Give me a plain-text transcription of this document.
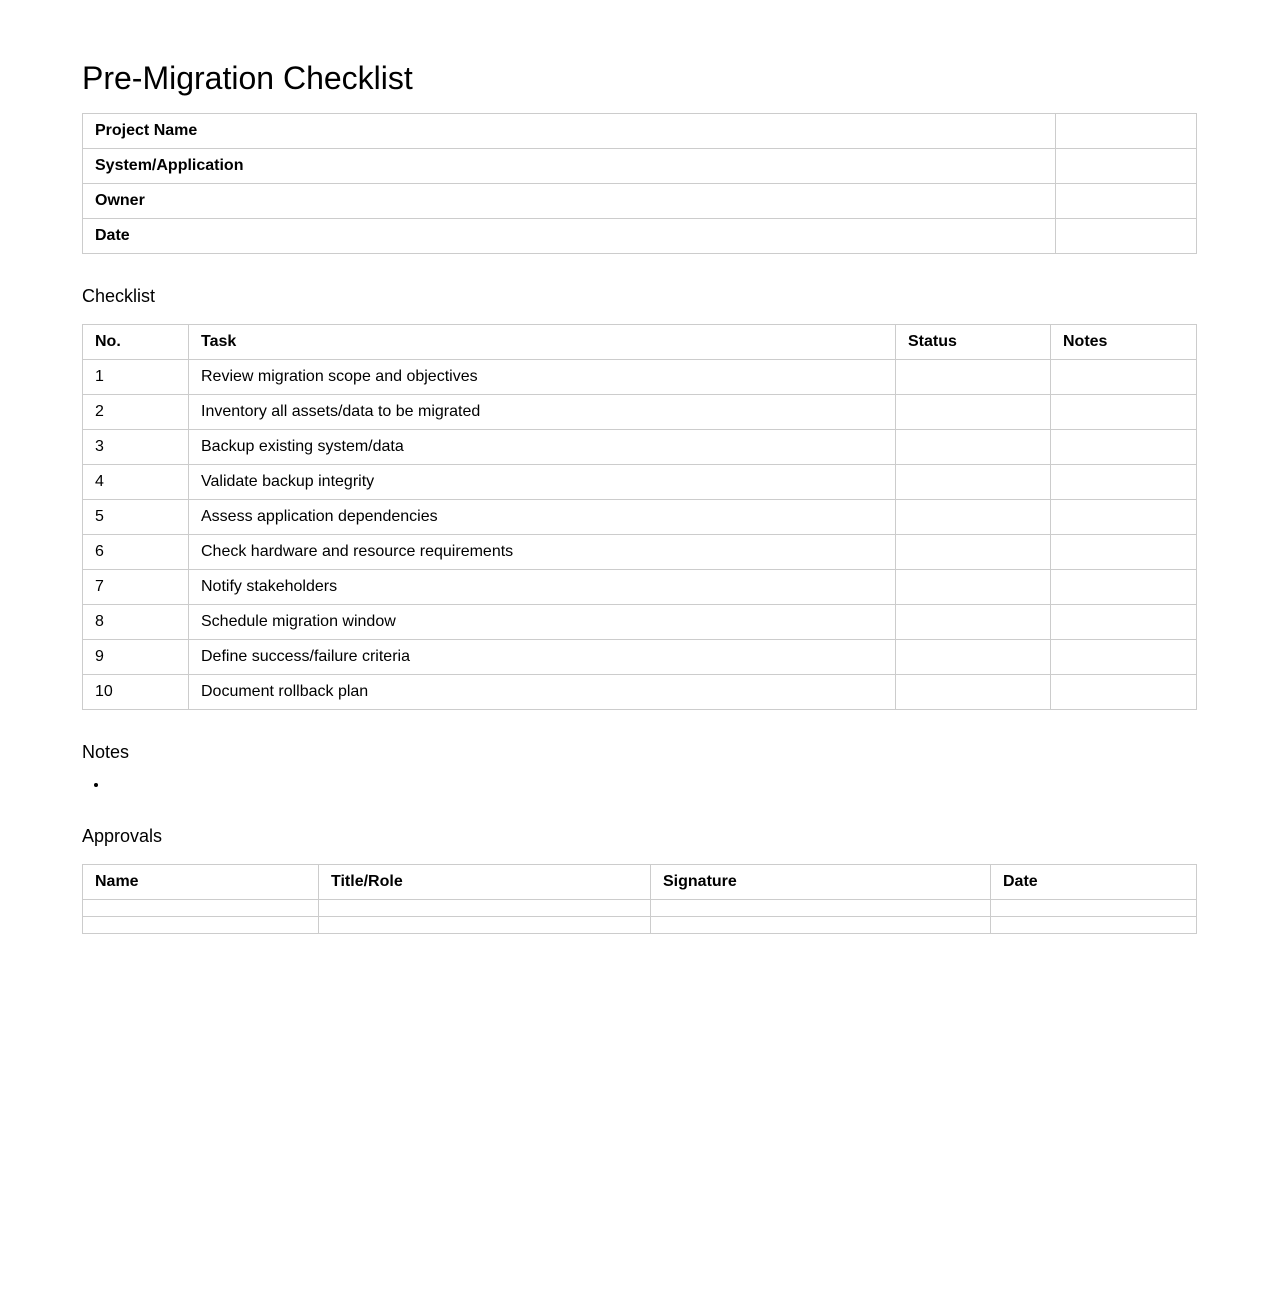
Pre-Migration Checklist
Project Name	
System/Application	
Owner	
Date	
Checklist
No.	Task	Status	Notes
1	Review migration scope and objectives		
2	Inventory all assets/data to be migrated		
3	Backup existing system/data		
4	Validate backup integrity		
5	Assess application dependencies		
6	Check hardware and resource requirements		
7	Notify stakeholders		
8	Schedule migration window		
9	Define success/failure criteria		
10	Document rollback plan		
Notes
Approvals
Name	Title/Role	Signature	Date
